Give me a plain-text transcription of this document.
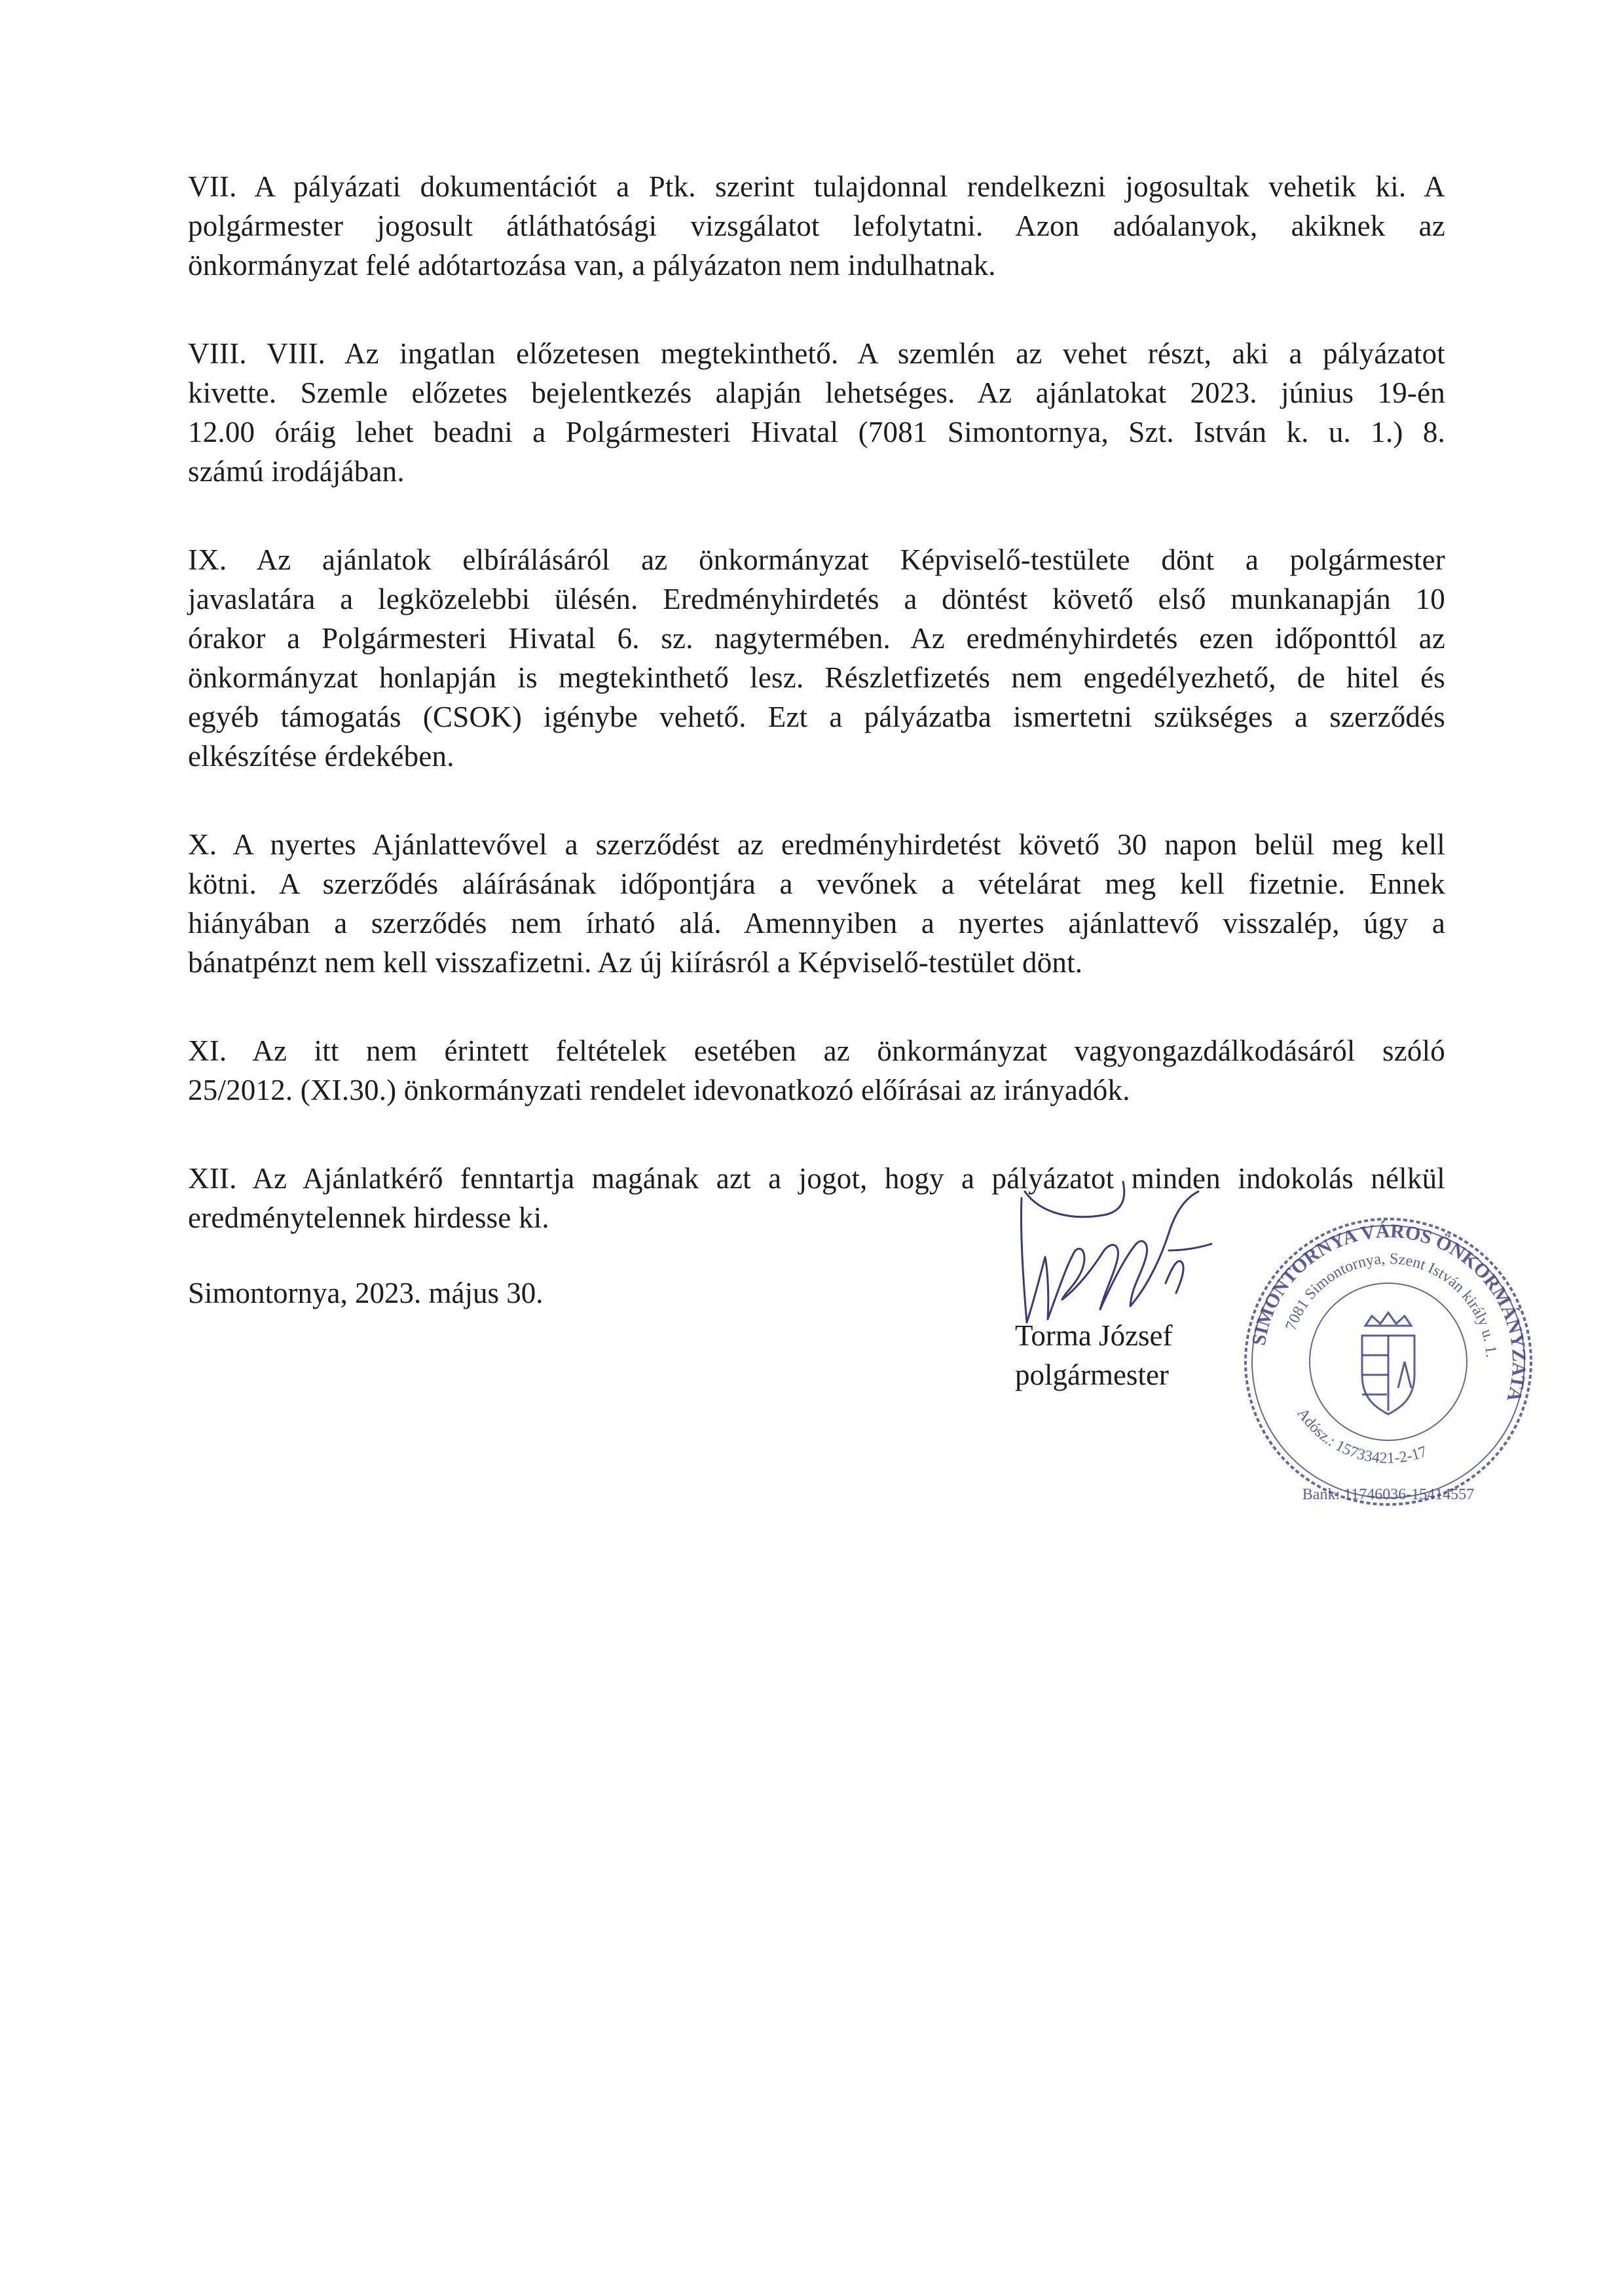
VII. A pályázati dokumentációt a Ptk. szerint tulajdonnal rendelkezni jogosultak vehetik ki. A
polgármester jogosult átláthatósági vizsgálatot lefolytatni. Azon adóalanyok, akiknek az
önkormányzat felé adótartozása van, a pályázaton nem indulhatnak.

VIII. VIII. Az ingatlan előzetesen megtekinthető. A szemlén az vehet részt, aki a pályázatot
kivette. Szemle előzetes bejelentkezés alapján lehetséges. Az ajánlatokat 2023. június 19-én
12.00 óráig lehet beadni a Polgármesteri Hivatal (7081 Simontornya, Szt. István k. u. 1.) 8.
számú irodájában.

IX. Az ajánlatok elbírálásáról az önkormányzat Képviselő-testülete dönt a polgármester
javaslatára a legközelebbi ülésén. Eredményhirdetés a döntést követő első munkanapján 10
órakor a Polgármesteri Hivatal 6. sz. nagytermében. Az eredményhirdetés ezen időponttól az
önkormányzat honlapján is megtekinthető lesz. Részletfizetés nem engedélyezhető, de hitel és
egyéb támogatás (CSOK) igénybe vehető. Ezt a pályázatba ismertetni szükséges a szerződés
elkészítése érdekében.

X. A nyertes Ajánlattevővel a szerződést az eredményhirdetést követő 30 napon belül meg kell
kötni. A szerződés aláírásának időpontjára a vevőnek a vételárat meg kell fizetnie. Ennek
hiányában a szerződés nem írható alá. Amennyiben a nyertes ajánlattevő visszalép, úgy a
bánatpénzt nem kell visszafizetni. Az új kiírásról a Képviselő-testület dönt.

XI. Az itt nem érintett feltételek esetében az önkormányzat vagyongazdálkodásáról szóló
25/2012. (XI.30.) önkormányzati rendelet idevonatkozó előírásai az irányadók.

XII. Az Ajánlatkérő fenntartja magának azt a jogot, hogy a pályázatot minden indokolás nélkül
eredménytelennek hirdesse ki.

Simontornya, 2023. május 30.
Torma József
polgármester
SIMONTORNYA VÁROS ÖNKORMÁNYZATA
7081 Simontornya, Szent István király u. 1.
Adósz.: 15733421-2-17
Bank: 11746036-15414557
